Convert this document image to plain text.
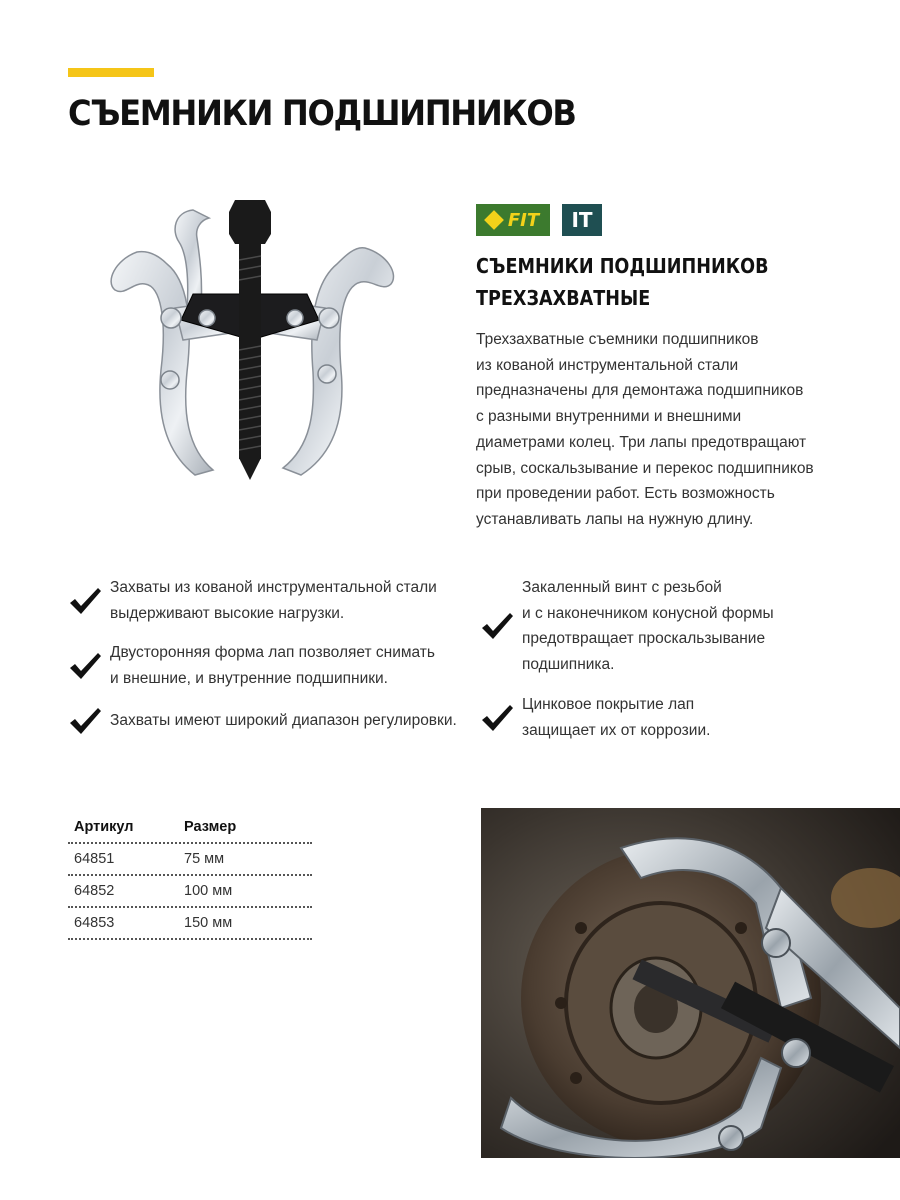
СЪЕМНИКИ ПОДШИПНИКОВ
FIT	IT
СЪЕМНИКИ ПОДШИПНИКОВ
ТРЕХЗАХВАТНЫЕ

Трехзахватные съемники подшипников
из кованой инструментальной стали
предназначены для демонтажа подшипников
с разными внутренними и внешними
диаметрами колец. Три лапы предотвращают
срыв, соскальзывание и перекос подшипников
при проведении работ. Есть возможность
устанавливать лапы на нужную длину.

Захваты из кованой инструментальной стали
выдерживают высокие нагрузки.
Двусторонняя форма лап позволяет снимать
и внешние, и внутренние подшипники.
Захваты имеют широкий диапазон регулировки.
Закаленный винт с резьбой
и с наконечником конусной формы
предотвращает проскальзывание
подшипника.
Цинковое покрытие лап
защищает их от коррозии.
Артикул	Размер
64851	75 мм
64852	100 мм
64853	150 мм
